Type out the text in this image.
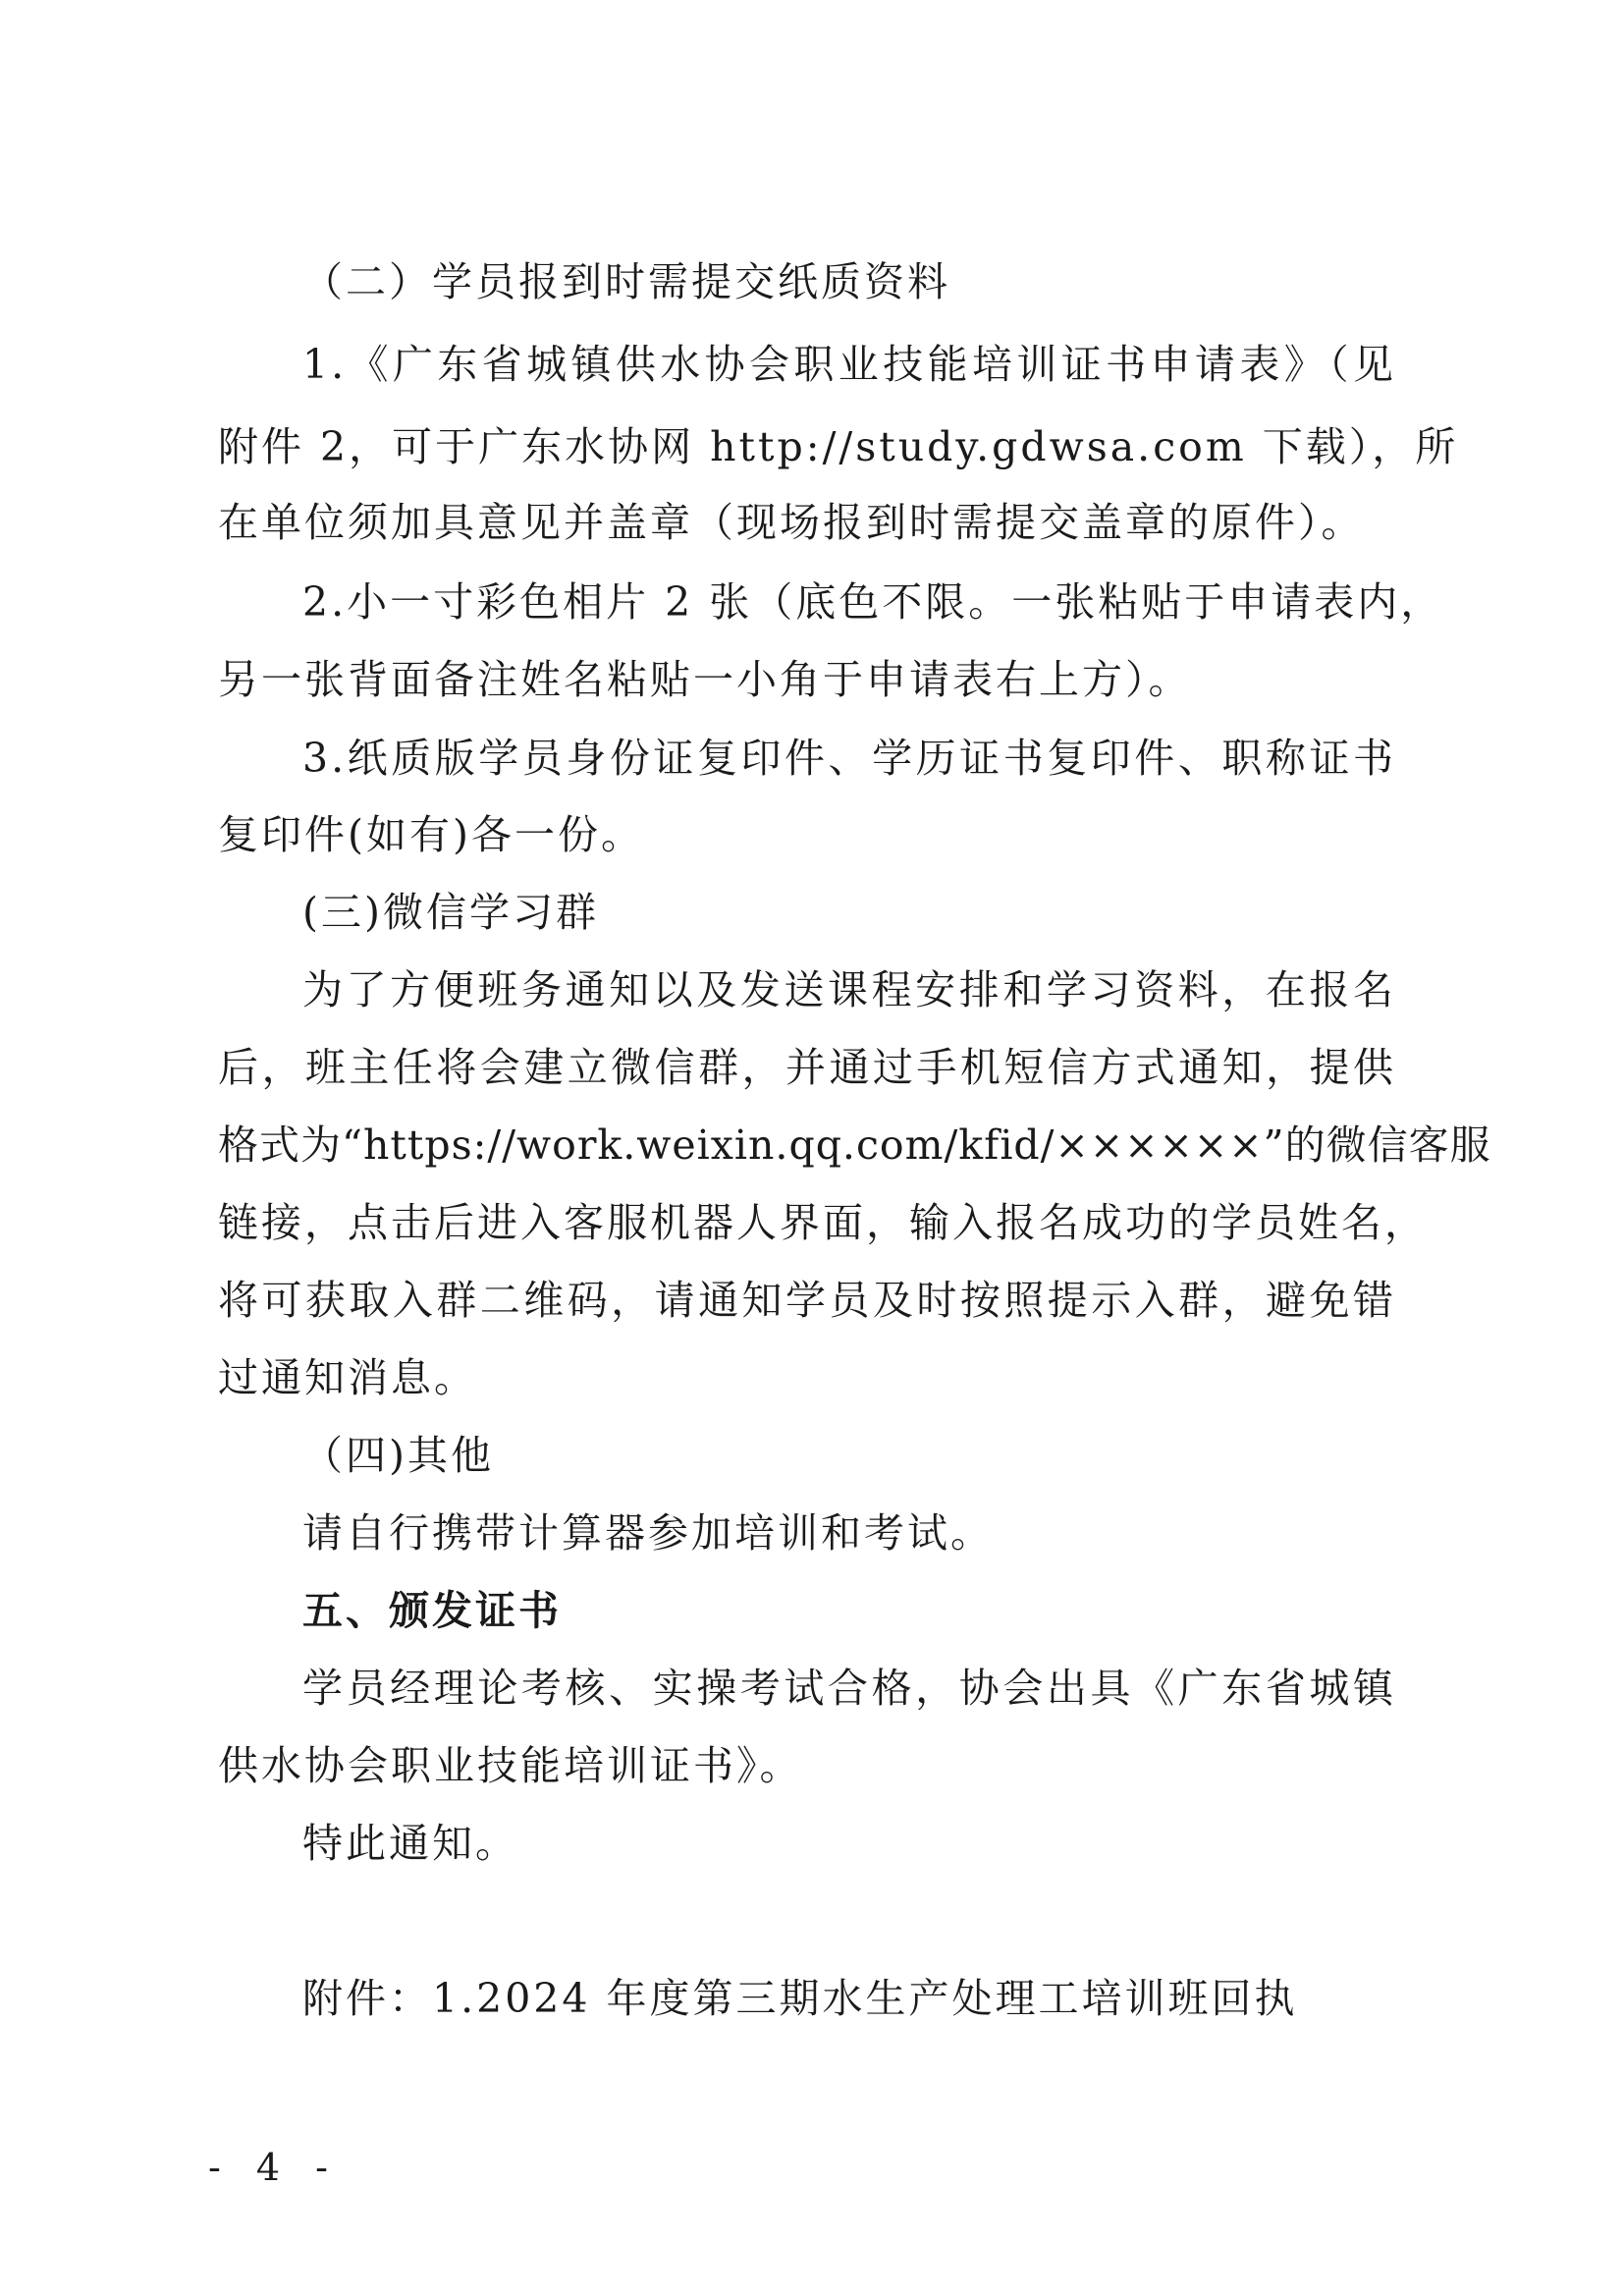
（二）学员报到时需提交纸质资料
1.《广东省城镇供水协会职业技能培训证书申请表》（见
附件 2，可于广东水协网 http://study.gdwsa.com 下载），所
在单位须加具意见并盖章（现场报到时需提交盖章的原件）。
2.小一寸彩色相片 2 张（底色不限。一张粘贴于申请表内，
另一张背面备注姓名粘贴一小角于申请表右上方）。
3.纸质版学员身份证复印件、学历证书复印件、职称证书
复印件(如有)各一份。
(三)微信学习群
为了方便班务通知以及发送课程安排和学习资料，在报名
后，班主任将会建立微信群，并通过手机短信方式通知，提供
格式为“https://work.weixin.qq.com/kfid/××××××”的微信客服
链接，点击后进入客服机器人界面，输入报名成功的学员姓名，
将可获取入群二维码，请通知学员及时按照提示入群，避免错
过通知消息。
（四)其他
请自行携带计算器参加培训和考试。
五、颁发证书
学员经理论考核、实操考试合格，协会出具《广东省城镇
供水协会职业技能培训证书》。
特此通知。
附件：1.2024 年度第三期水生产处理工培训班回执
- 4 -
